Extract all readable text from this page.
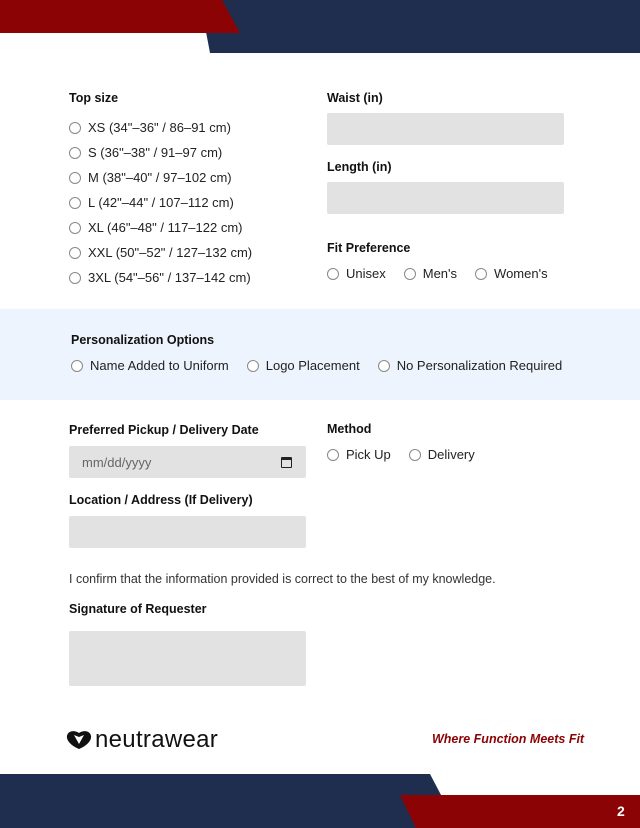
Top size
XS (34"–36" / 86–91 cm)
S (36"–38" / 91–97 cm)
M (38"–40" / 97–102 cm)
L (42"–44" / 107–112 cm)
XL (46"–48" / 117–122 cm)
XXL (50"–52" / 127–132 cm)
3XL (54"–56" / 137–142 cm)
Waist (in)
Length (in)
Fit Preference
Unisex	Men's	Women's
Personalization Options
Name Added to Uniform	Logo Placement	No Personalization Required
Preferred Pickup / Delivery Date
mm/dd/yyyy
Method
Pick Up	Delivery
Location / Address (If Delivery)
I confirm that the information provided is correct to the best of my knowledge.
Signature of Requester
neutrawear	Where Function Meets Fit
2
